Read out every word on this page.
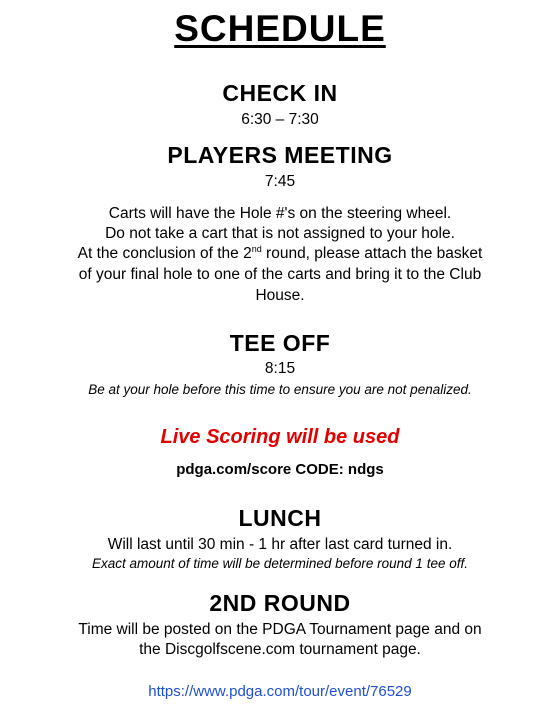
SCHEDULE
CHECK IN
6:30 – 7:30
PLAYERS MEETING
7:45
Carts will have the Hole #'s on the steering wheel.
Do not take a cart that is not assigned to your hole.
At the conclusion of the 2nd round, please attach the basket
of your final hole to one of the carts and bring it to the Club
House.
TEE OFF
8:15
Be at your hole before this time to ensure you are not penalized.
Live Scoring will be used
pdga.com/score CODE: ndgs
LUNCH
Will last until 30 min - 1 hr after last card turned in.
Exact amount of time will be determined before round 1 tee off.
2ND ROUND
Time will be posted on the PDGA Tournament page and on
the Discgolfscene.com tournament page.
https://www.pdga.com/tour/event/76529
